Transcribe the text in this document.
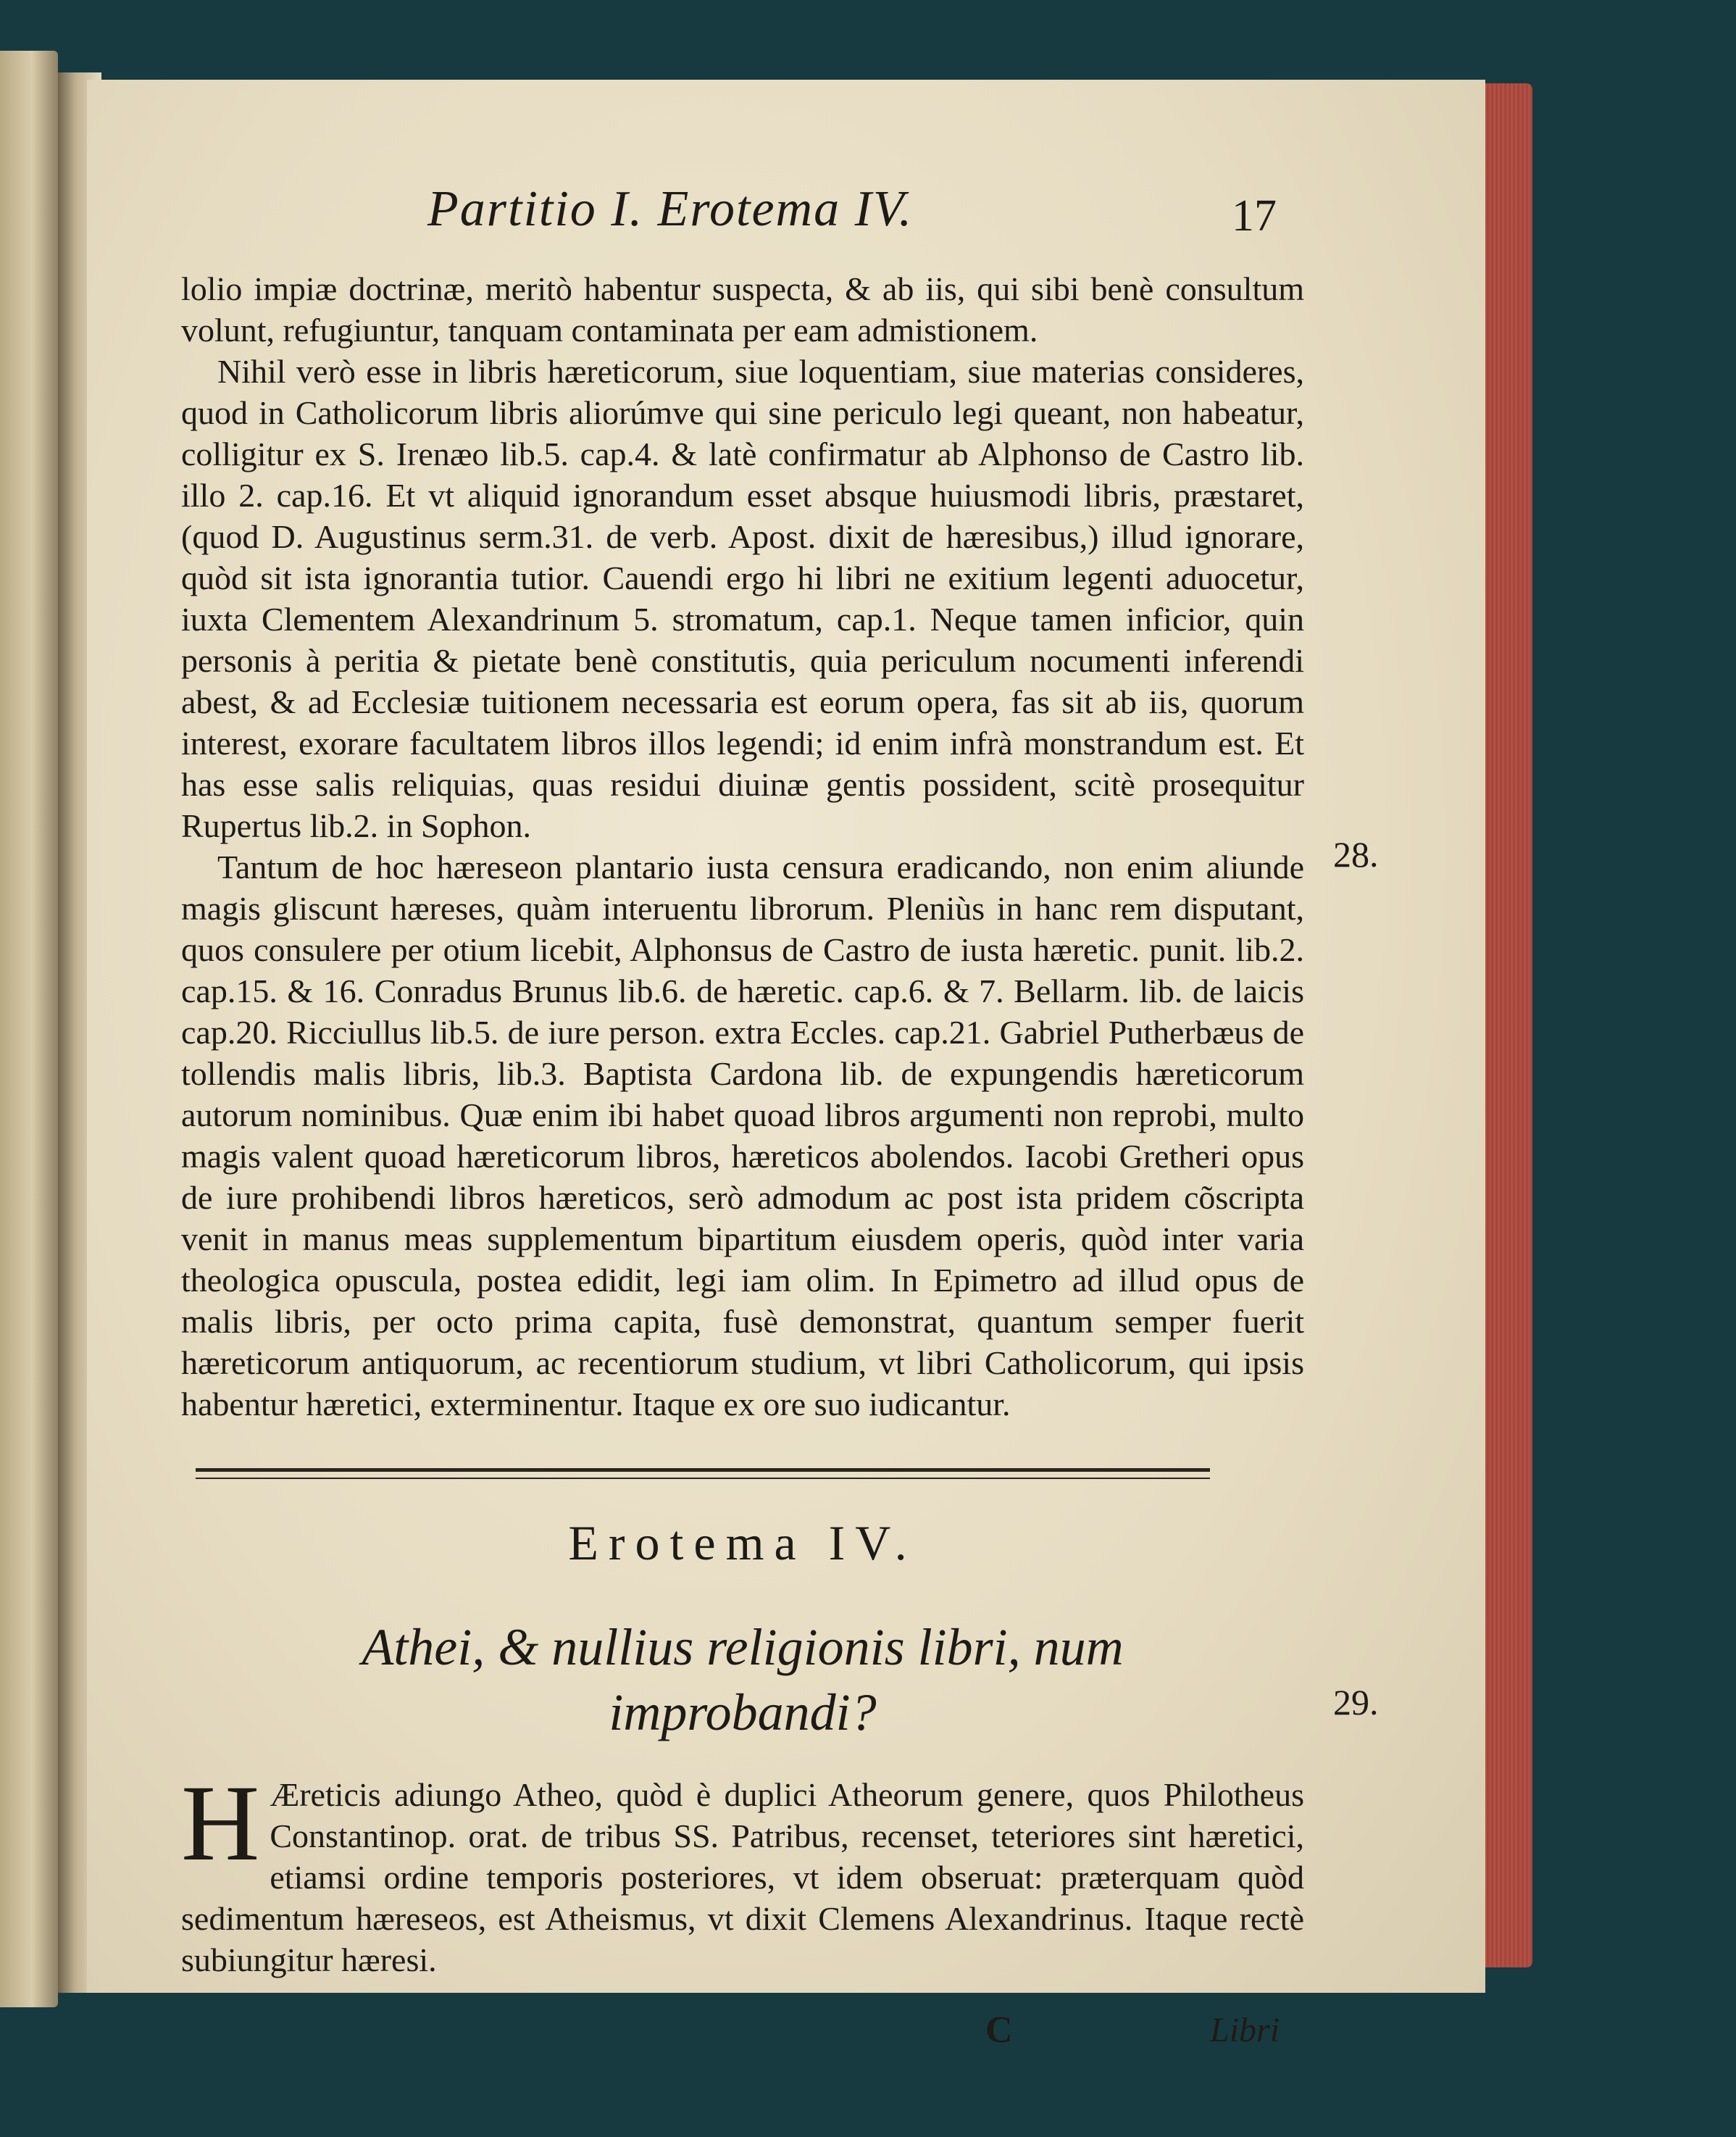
Partitio I. Erotema IV.	17

lolio impiæ doctrinæ, meritò habentur suspecta, & ab iis, qui sibi benè consultum volunt, refugiuntur, tanquam contaminata per eam admistionem.

Nihil verò esse in libris hæreticorum, siue loquentiam, siue materias consideres, quod in Catholicorum libris aliorúmve qui sine periculo legi queant, non habeatur, colligitur ex S. Irenæo lib.5. cap.4. & latè confirmatur ab Alphonso de Castro lib. illo 2. cap.16. Et vt aliquid ignorandum esset absque huiusmodi libris, præstaret, (quod D. Augustinus serm.31. de verb. Apost. dixit de hæresibus,) illud ignorare, quòd sit ista ignorantia tutior. Cauendi ergo hi libri ne exitium legenti aduocetur, iuxta Clementem Alexandrinum 5. stromatum, cap.1. Neque tamen inficior, quin personis à peritia & pietate benè constitutis, quia periculum nocumenti inferendi abest, & ad Ecclesiæ tuitionem necessaria est eorum opera, fas sit ab iis, quorum interest, exorare facultatem libros illos legendi; id enim infrà monstrandum est. Et has esse salis reliquias, quas residui diuinæ gentis possident, scitè prosequitur Rupertus lib.2. in Sophon.

Tantum de hoc hæreseon plantario iusta censura eradicando, non enim aliunde magis gliscunt hæreses, quàm interuentu librorum. Pleniùs in hanc rem disputant, quos consulere per otium licebit, Alphonsus de Castro de iusta hæretic. punit. lib.2. cap.15. & 16. Conradus Brunus lib.6. de hæretic. cap.6. & 7. Bellarm. lib. de laicis cap.20. Ricciullus lib.5. de iure person. extra Eccles. cap.21. Gabriel Putherbæus de tollendis malis libris, lib.3. Baptista Cardona lib. de expungendis hæreticorum autorum nominibus. Quæ enim ibi habet quoad libros argumenti non reprobi, multo magis valent quoad hæreticorum libros, hæreticos abolendos. Iacobi Gretheri opus de iure prohibendi libros hæreticos, serò admodum ac post ista pridem cõscripta venit in manus meas supplementum bipartitum eiusdem operis, quòd inter varia theologica opuscula, postea edidit, legi iam olim. In Epimetro ad illud opus de malis libris, per octo prima capita, fusè demonstrat, quantum semper fuerit hæreticorum antiquorum, ac recentiorum studium, vt libri Catholicorum, qui ipsis habentur hæretici, exterminentur. Itaque ex ore suo iudicantur.

Erotema IV.
Athei, & nullius religionis libri, num improbandi?

H Æreticis adiungo Atheo, quòd è duplici Atheorum genere, quos Philotheus Constantinop. orat. de tribus SS. Patribus, recenset, teteriores sint hæretici, etiamsi ordine temporis posteriores, vt idem obseruat: præterquam quòd sedimentum hæreseos, est Atheismus, vt dixit Clemens Alexandrinus. Itaque rectè subiungitur hæresi.

C	Libri
28.
29.
